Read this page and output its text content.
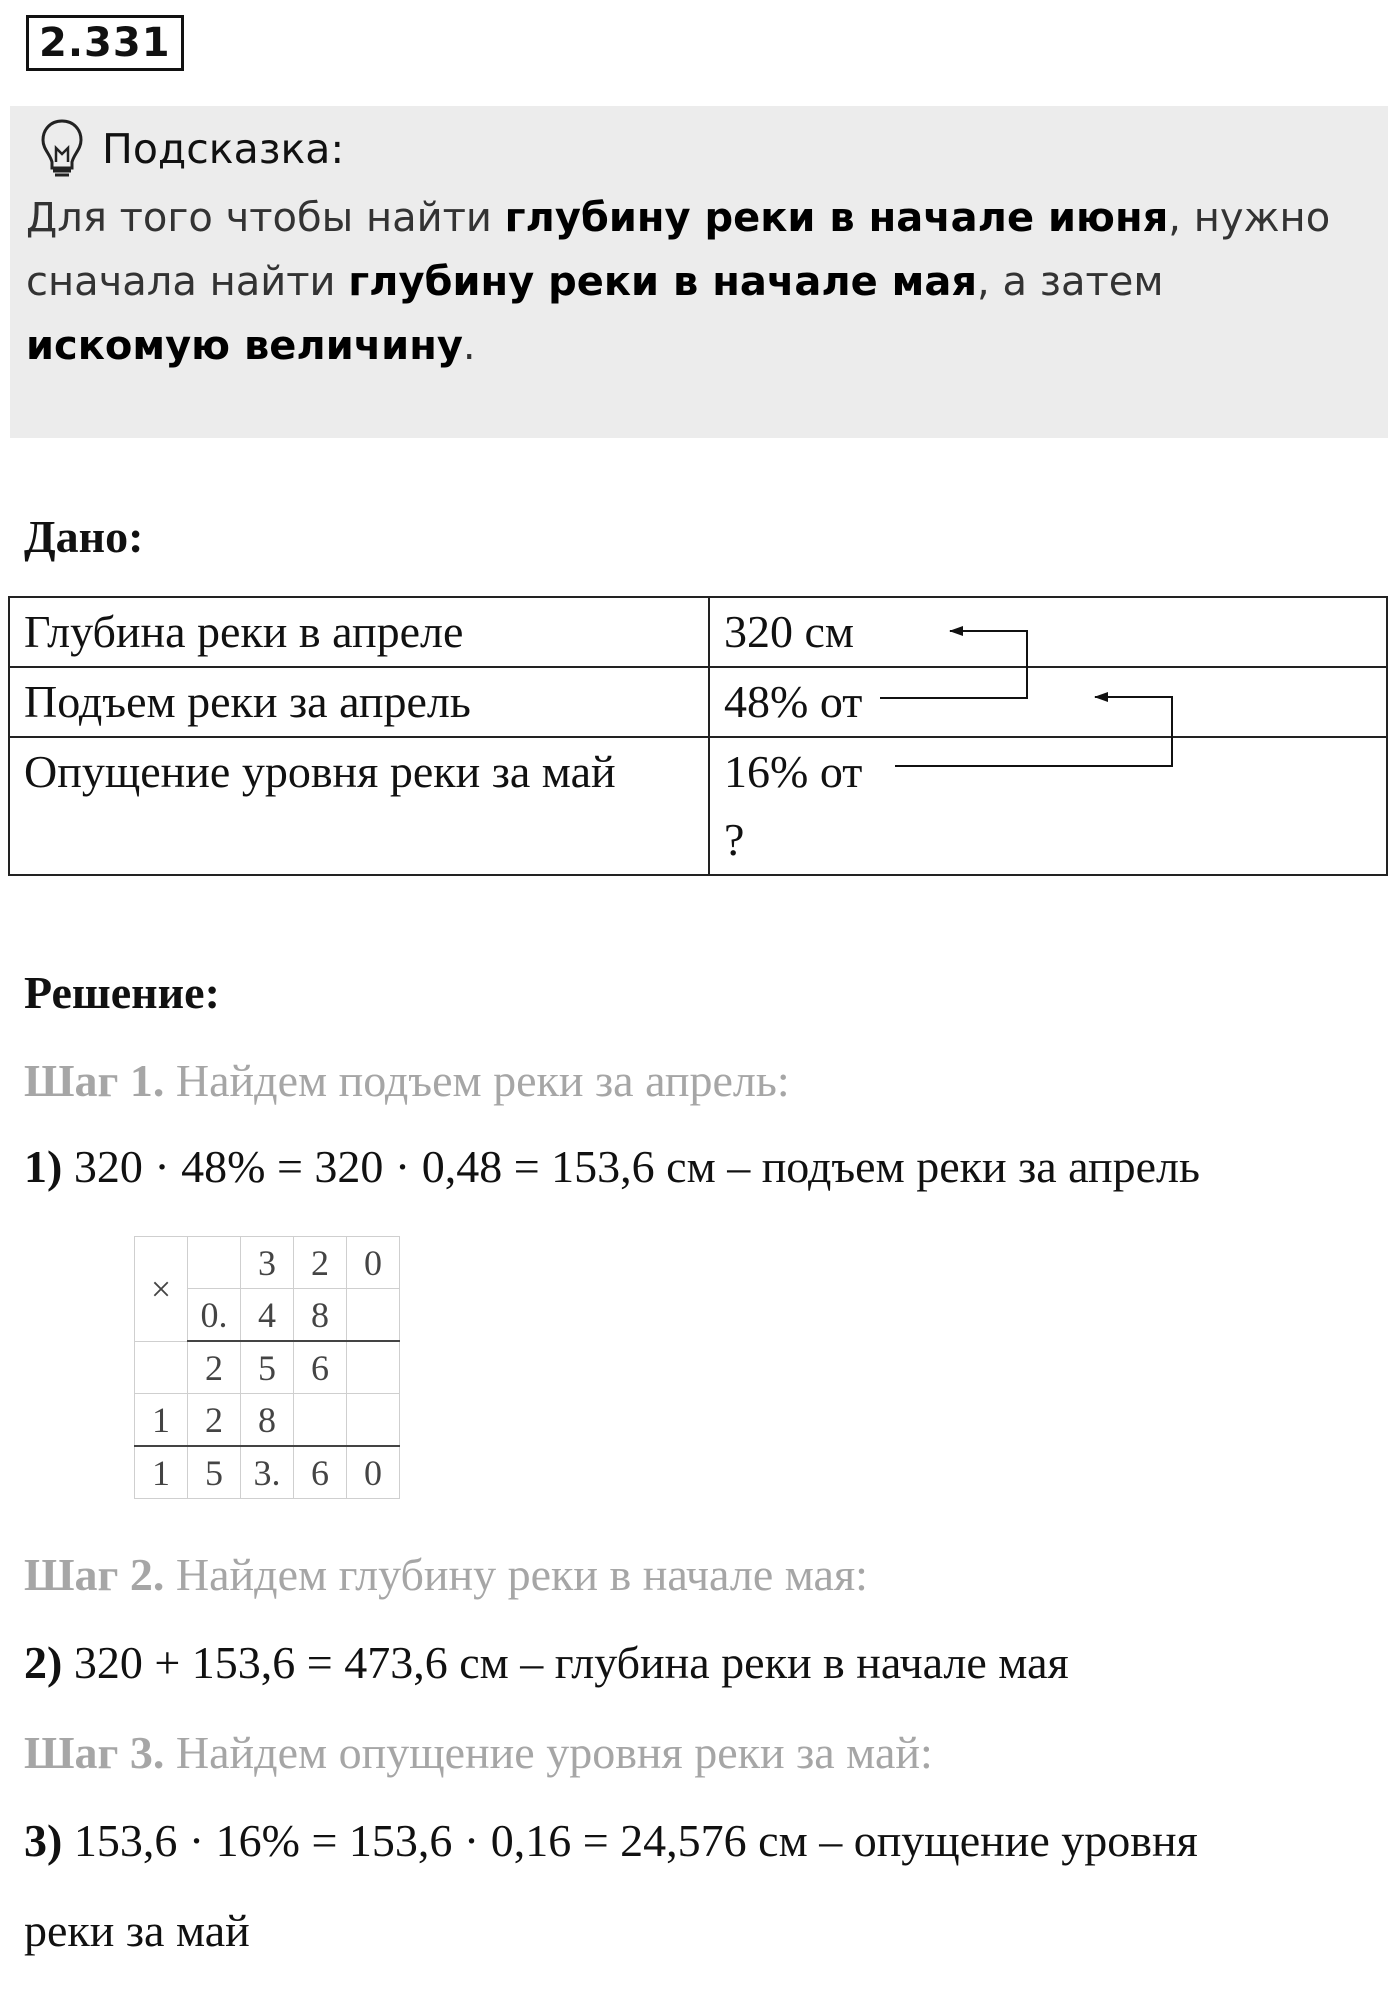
2.331
Подсказка:
Для того чтобы найти глубину реки в начале июня, нужно сначала найти глубину реки в начале мая, а затем искомую величину.
Дано:
Глубина реки в апреле	320 см
Подъем реки за апрель	48% от
Опущение уровня реки за май	16% от
?
Решение:
Шаг 1. Найдем подъем реки за апрель:
1) 320 · 48% = 320 · 0,48 = 153,6 см – подъем реки за апрель
×		3	2	0
	0.	4	8	
	2	5	6	
1	2	8		
1	5	3.	6	0
Шаг 2. Найдем глубину реки в начале мая:
2) 320 + 153,6 = 473,6 см – глубина реки в начале мая
Шаг 3. Найдем опущение уровня реки за май:
3) 153,6 · 16% = 153,6 · 0,16 = 24,576 см – опущение уровня
реки за май
